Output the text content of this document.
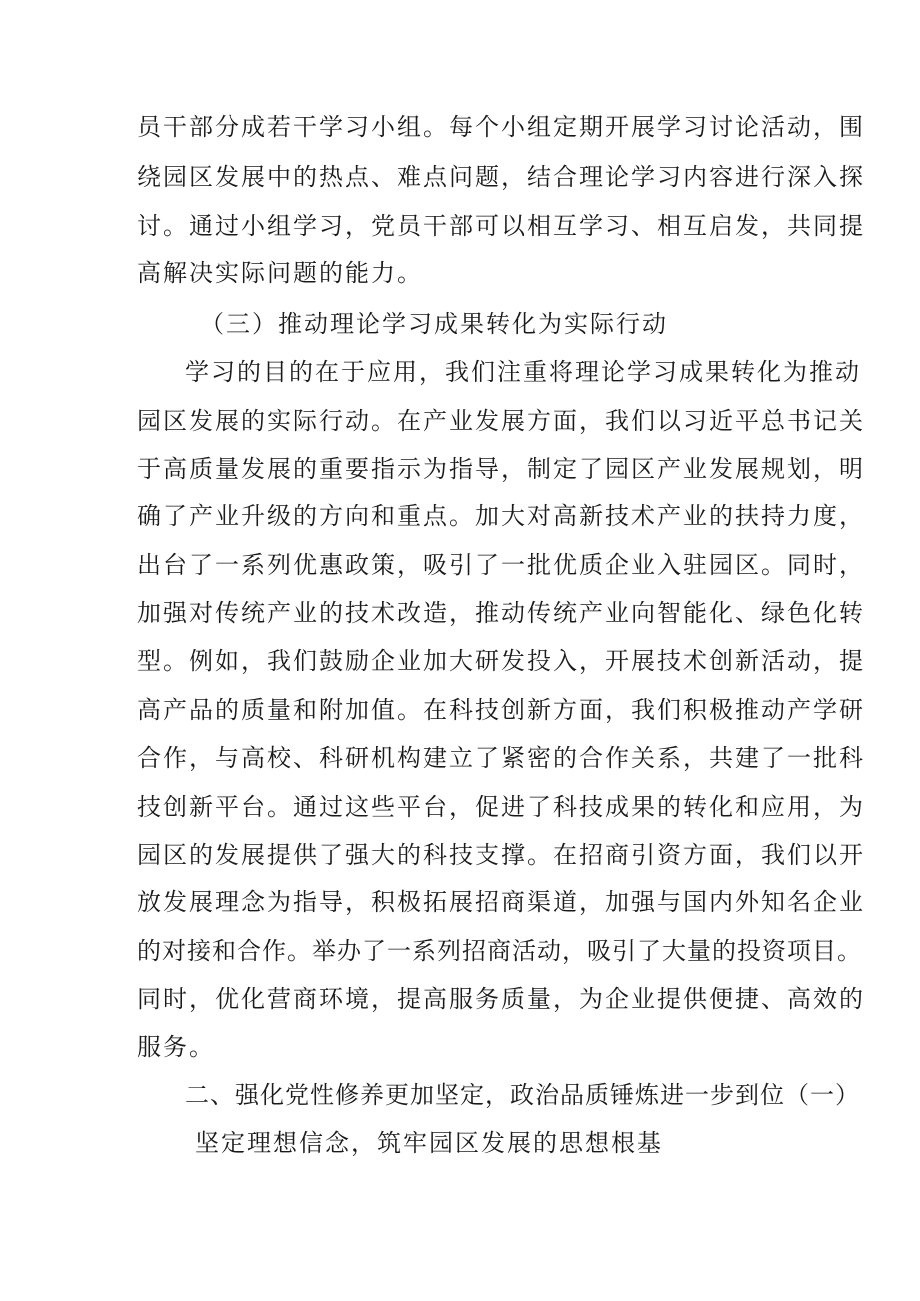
员干部分成若干学习小组。每个小组定期开展学习讨论活动，围
绕园区发展中的热点、难点问题，结合理论学习内容进行深入探
讨。通过小组学习，党员干部可以相互学习、相互启发，共同提
高解决实际问题的能力。
（三）推动理论学习成果转化为实际行动
学习的目的在于应用，我们注重将理论学习成果转化为推动
园区发展的实际行动。在产业发展方面，我们以习近平总书记关
于高质量发展的重要指示为指导，制定了园区产业发展规划，明
确了产业升级的方向和重点。加大对高新技术产业的扶持力度，
出台了一系列优惠政策，吸引了一批优质企业入驻园区。同时，
加强对传统产业的技术改造，推动传统产业向智能化、绿色化转
型。例如，我们鼓励企业加大研发投入，开展技术创新活动，提
高产品的质量和附加值。在科技创新方面，我们积极推动产学研
合作，与高校、科研机构建立了紧密的合作关系，共建了一批科
技创新平台。通过这些平台，促进了科技成果的转化和应用，为
园区的发展提供了强大的科技支撑。在招商引资方面，我们以开
放发展理念为指导，积极拓展招商渠道，加强与国内外知名企业
的对接和合作。举办了一系列招商活动，吸引了大量的投资项目。
同时，优化营商环境，提高服务质量，为企业提供便捷、高效的
服务。
二、强化党性修养更加坚定，政治品质锤炼进一步到位（一）
坚定理想信念，筑牢园区发展的思想根基
